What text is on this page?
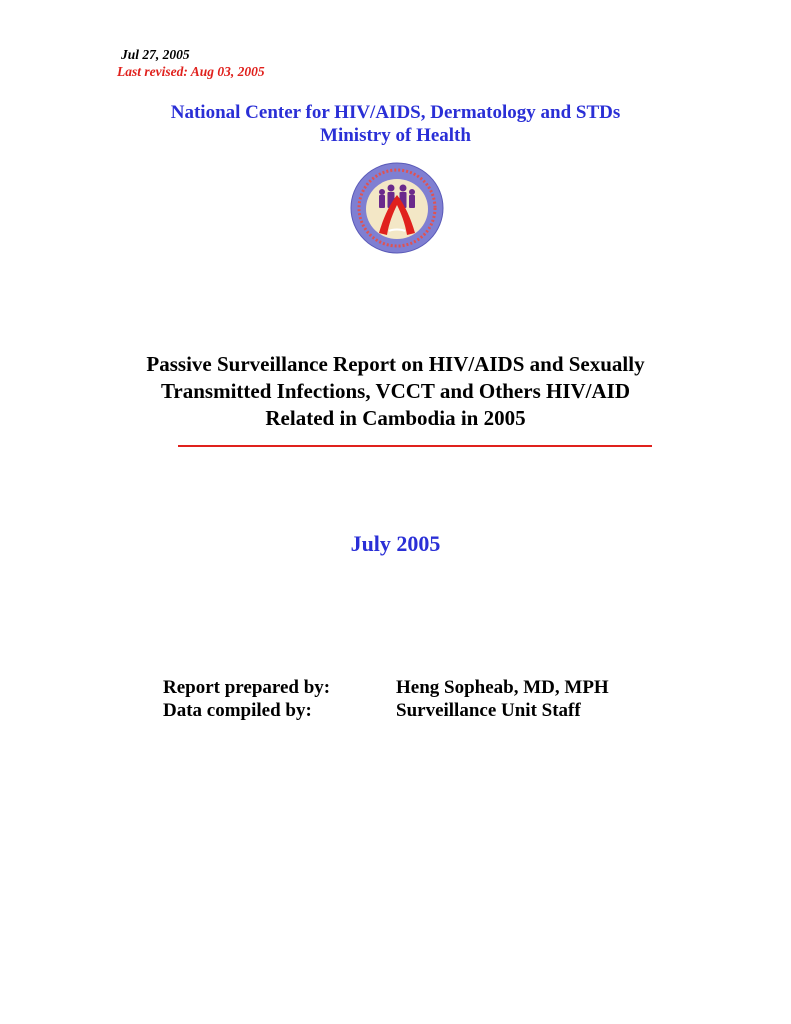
Jul 27, 2005
Last revised: Aug 03, 2005
National Center for HIV/AIDS, Dermatology and STDs
Ministry of Health
Passive Surveillance Report on HIV/AIDS and Sexually
Transmitted Infections, VCCT and Others HIV/AID
Related in Cambodia in 2005
July 2005
Report prepared by:	Heng Sopheab, MD, MPH
Data compiled by:	Surveillance Unit Staff
